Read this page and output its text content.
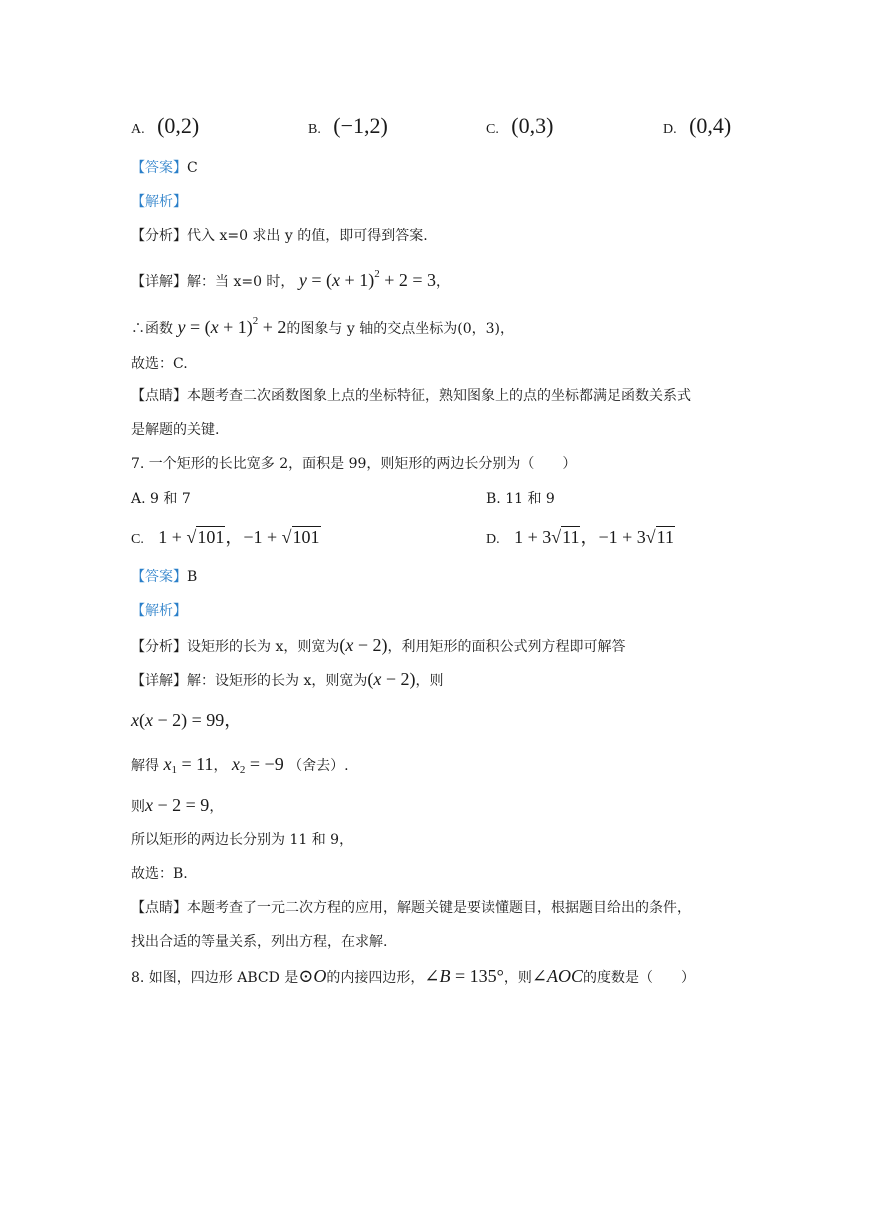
A. (0,2)	B. (−1,2)	C. (0,3)	D. (0,4)
【答案】C
【解析】
【分析】代入 x=0 求出 y 的值，即可得到答案.
【详解】解：当 x=0 时， $y = (x + 1)^2 + 2 = 3$，
∴函数 $y = (x + 1)^2 + 2$的图象与 y 轴的交点坐标为(0，3)，
故选：C.
【点睛】本题考查二次函数图象上点的坐标特征，熟知图象上的点的坐标都满足函数关系式
是解题的关键.
7. 一个矩形的长比宽多 2，面积是 99，则矩形的两边长分别为（　　）
A. 9 和 7	B. 11 和 9
C. 1 + √101，−1 + √101	D. 1 + 3√11，−1 + 3√11
【答案】B
【解析】
【分析】设矩形的长为 x，则宽为(x − 2)，利用矩形的面积公式列方程即可解答
【详解】解：设矩形的长为 x，则宽为(x − 2)，则
x(x − 2) = 99，
解得 $x_1 = 11$， $x_2 = -9$ （舍去）.
则x − 2 = 9，
所以矩形的两边长分别为 11 和 9，
故选：B.
【点睛】本题考查了一元二次方程的应用，解题关键是要读懂题目，根据题目给出的条件，
找出合适的等量关系，列出方程，在求解.
8. 如图，四边形 ABCD 是⊙O的内接四边形，∠B = 135°，则∠AOC的度数是（　　）
